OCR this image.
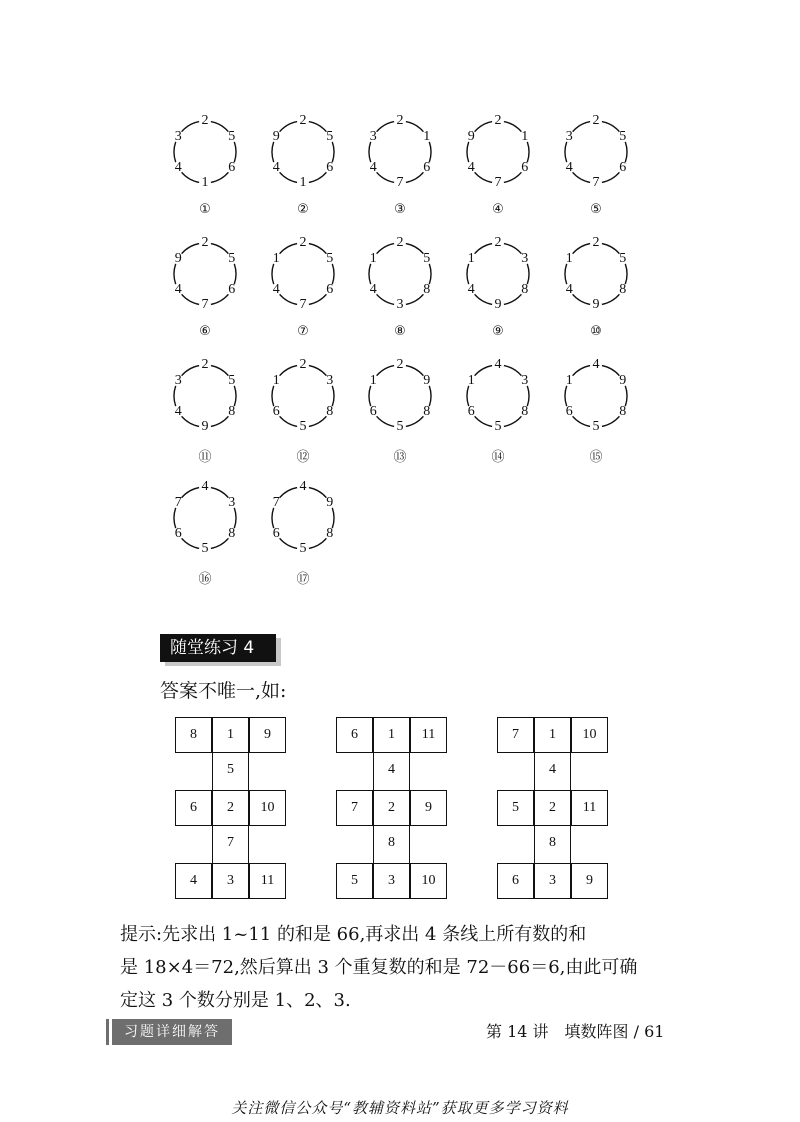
2
5
6
1
4
3
①
2
5
6
1
4
9
②
2
1
6
7
4
3
③
2
1
6
7
4
9
④
2
5
6
7
4
3
⑤
2
5
6
7
4
9
⑥
2
5
6
7
4
1
⑦
2
5
8
3
4
1
⑧
2
3
8
9
4
1
⑨
2
5
8
9
4
1
⑩
2
5
8
9
4
3
⑪
2
3
8
5
6
1
⑫
2
9
8
5
6
1
⑬
4
3
8
5
6
1
⑭
4
9
8
5
6
1
⑮
4
3
8
5
6
7
⑯
4
9
8
5
6
7
⑰
随堂练习 4
答案不唯一,如:
8	1	9
5
6	2	10
7
4	3	11
6	1	11
4
7	2	9
8
5	3	10
7	1	10
4
5	2	11
8
6	3	9

提示:先求出 1~11 的和是 66,再求出 4 条线上所有数的和

是 18×4＝72,然后算出 3 个重复数的和是 72－66＝6,由此可确

定这 3 个数分别是 1、2、3.

习题详细解答	第 14 讲　填数阵图 / 61
关注微信公众号“教辅资料站”获取更多学习资料
